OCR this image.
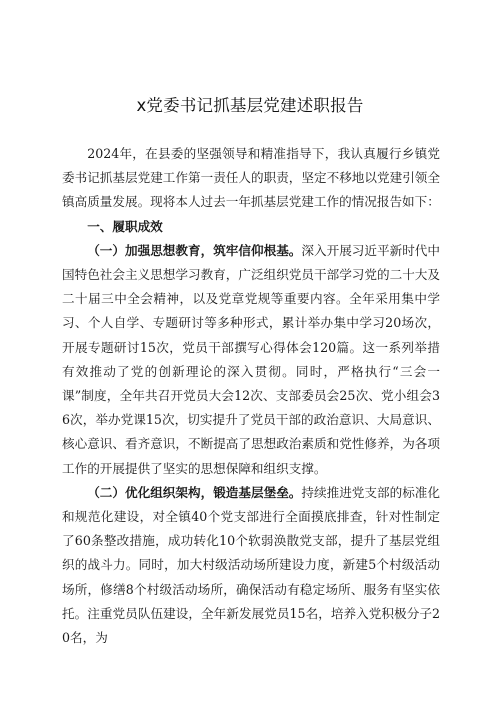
x党委书记抓基层党建述职报告

2024年，在县委的坚强领导和精准指导下，我认真履行乡镇党委书记抓基层党建工作第一责任人的职责，坚定不移地以党建引领全镇高质量发展。现将本人过去一年抓基层党建工作的情况报告如下：

一、履职成效

（一）加强思想教育，筑牢信仰根基。深入开展习近平新时代中国特色社会主义思想学习教育，广泛组织党员干部学习党的二十大及二十届三中全会精神，以及党章党规等重要内容。全年采用集中学习、个人自学、专题研讨等多种形式，累计举办集中学习20场次，开展专题研讨15次，党员干部撰写心得体会120篇。这一系列举措有效推动了党的创新理论的深入贯彻。同时，严格执行“三会一课”制度，全年共召开党员大会12次、支部委员会25次、党小组会36次，举办党课15次，切实提升了党员干部的政治意识、大局意识、核心意识、看齐意识，不断提高了思想政治素质和党性修养，为各项工作的开展提供了坚实的思想保障和组织支撑。

（二）优化组织架构，锻造基层堡垒。持续推进党支部的标准化和规范化建设，对全镇40个党支部进行全面摸底排查，针对性制定了60条整改措施，成功转化10个软弱涣散党支部，提升了基层党组织的战斗力。同时，加大村级活动场所建设力度，新建5个村级活动场所，修缮8个村级活动场所，确保活动有稳定场所、服务有坚实依托。注重党员队伍建设，全年新发展党员15名，培养入党积极分子20名，为
